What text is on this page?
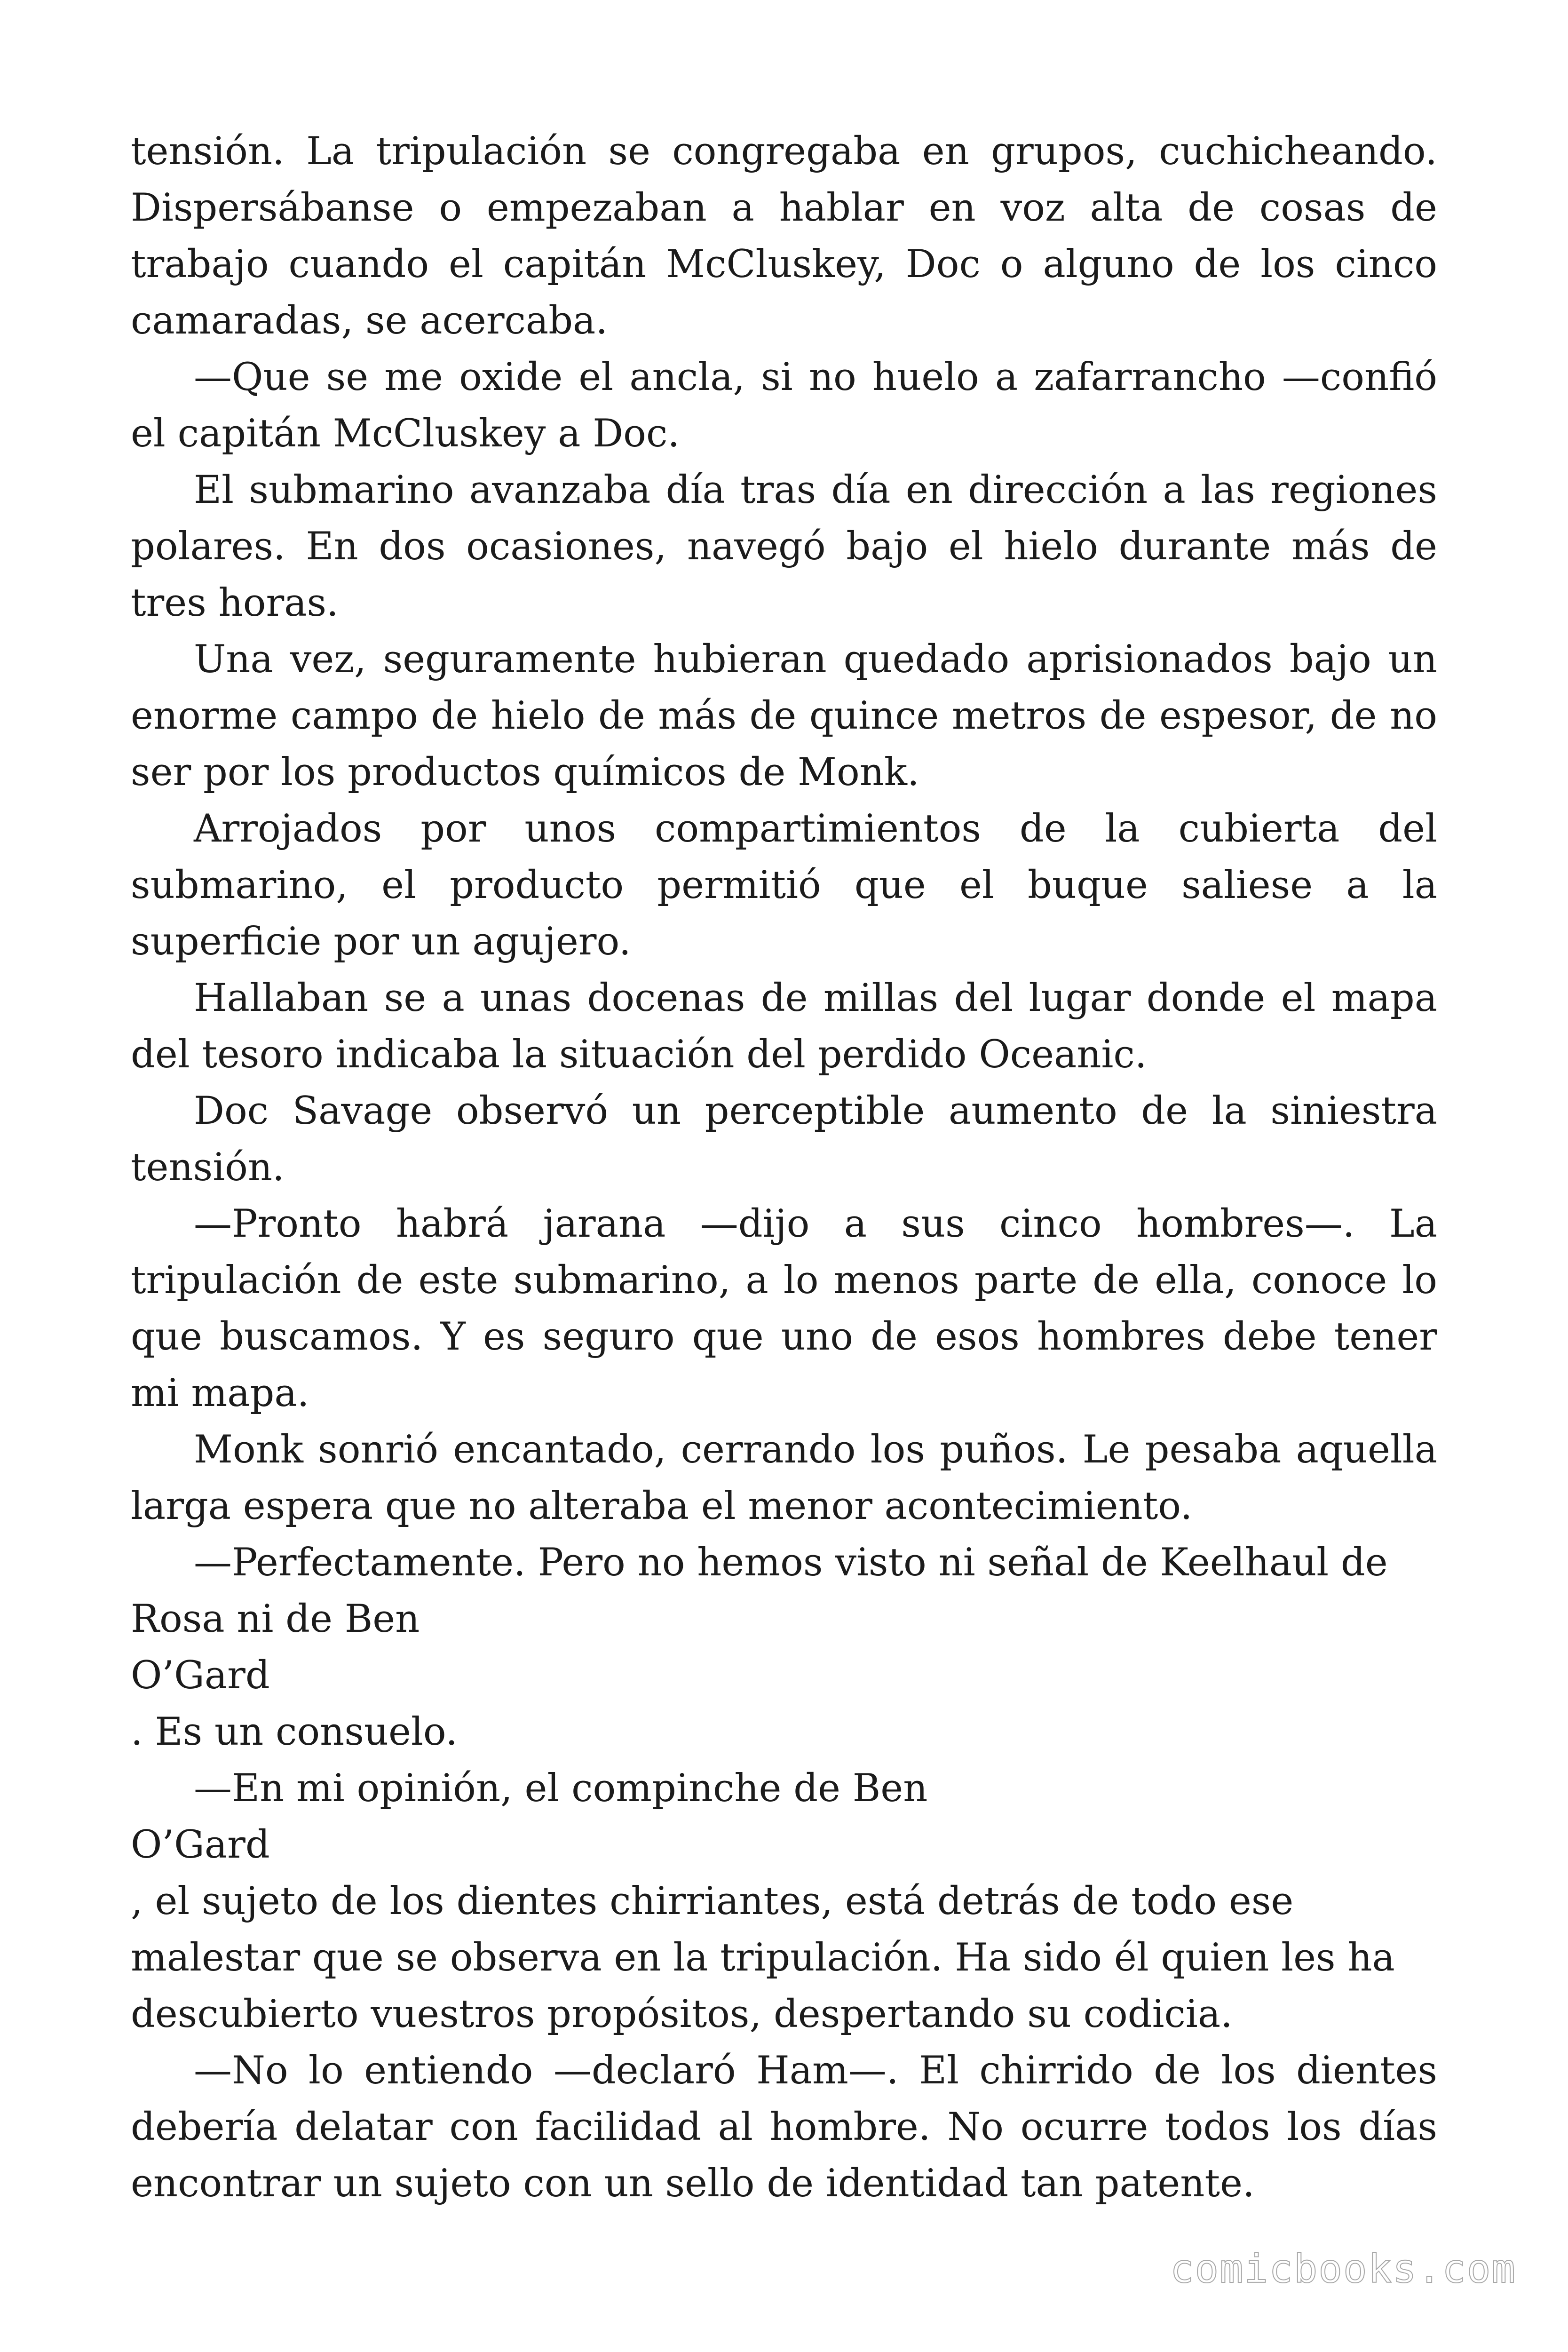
tensión. La tripulación se congregaba en grupos, cuchicheando. Dispersábanse o empezaban a hablar en voz alta de cosas de trabajo cuando el capitán McCluskey, Doc o alguno de los cinco camaradas, se acercaba.

—Que se me oxide el ancla, si no huelo a zafarrancho —confió el capitán McCluskey a Doc.

El submarino avanzaba día tras día en dirección a las regiones polares. En dos ocasiones, navegó bajo el hielo durante más de tres horas.

Una vez, seguramente hubieran quedado aprisionados bajo un enorme campo de hielo de más de quince metros de espesor, de no ser por los productos químicos de Monk.

Arrojados por unos compartimientos de la cubierta del submarino, el producto permitió que el buque saliese a la superficie por un agujero.

Hallaban se a unas docenas de millas del lugar donde el mapa del tesoro indicaba la situación del perdido Oceanic.

Doc Savage observó un perceptible aumento de la siniestra tensión.

—Pronto habrá jarana —dijo a sus cinco hombres—. La tripulación de este submarino, a lo menos parte de ella, conoce lo que buscamos. Y es seguro que uno de esos hombres debe tener mi mapa.

Monk sonrió encantado, cerrando los puños. Le pesaba aquella larga espera que no alteraba el menor acontecimiento.

—Perfectamente. Pero no hemos visto ni señal de Keelhaul de Rosa ni de Ben

O’Gard

. Es un consuelo.

—En mi opinión, el compinche de Ben

O’Gard

, el sujeto de los dientes chirriantes, está detrás de todo ese malestar que se observa en la tripulación. Ha sido él quien les ha descubierto vuestros propósitos, despertando su codicia.

—No lo entiendo —declaró Ham—. El chirrido de los dientes debería delatar con facilidad al hombre. No ocurre todos los días encontrar un sujeto con un sello de identidad tan patente.

comicbooks.com
